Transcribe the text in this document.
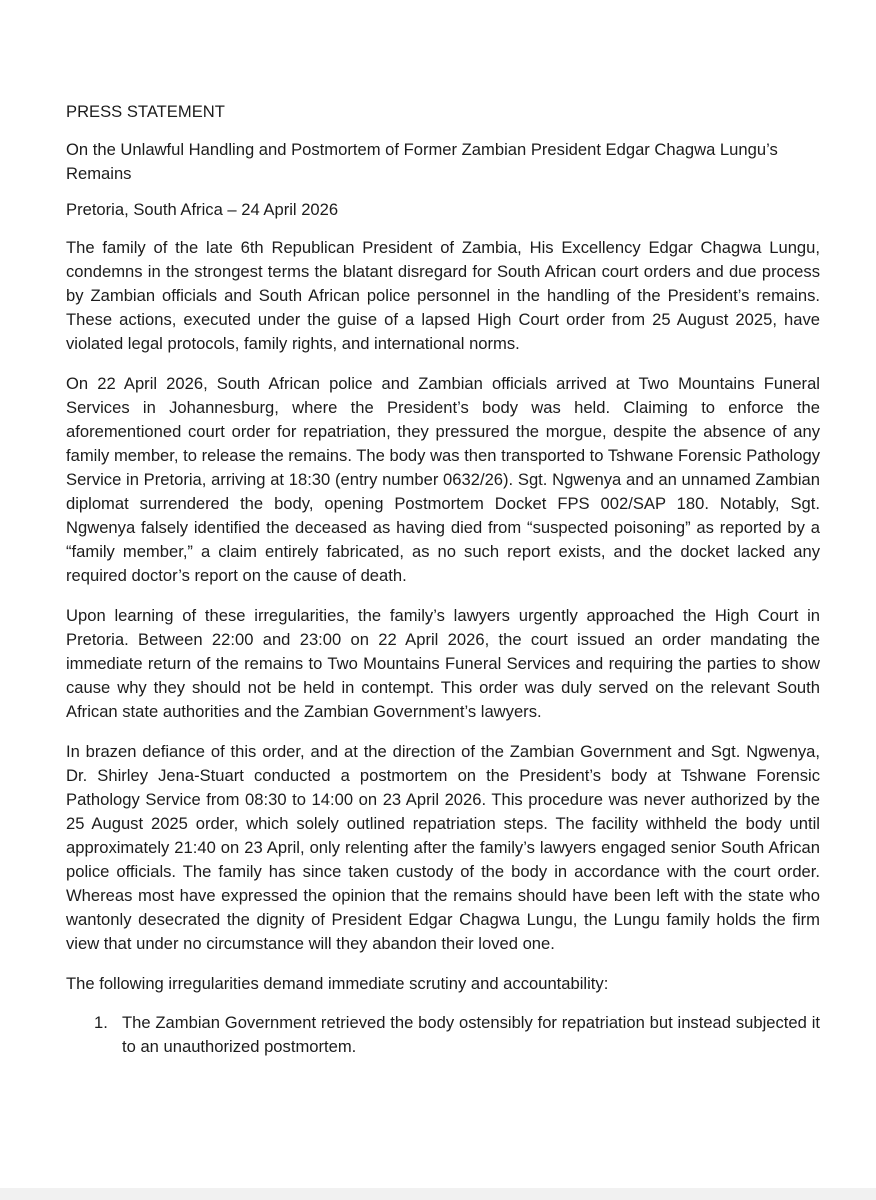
PRESS STATEMENT

On the Unlawful Handling and Postmortem of Former Zambian President Edgar Chagwa Lungu’s Remains

Pretoria, South Africa – 24 April 2026

The family of the late 6th Republican President of Zambia, His Excellency Edgar Chagwa Lungu, condemns in the strongest terms the blatant disregard for South African court orders and due process by Zambian officials and South African police personnel in the handling of the President’s remains. These actions, executed under the guise of a lapsed High Court order from 25 August 2025, have violated legal protocols, family rights, and international norms.

On 22 April 2026, South African police and Zambian officials arrived at Two Mountains Funeral Services in Johannesburg, where the President’s body was held. Claiming to enforce the aforementioned court order for repatriation, they pressured the morgue, despite the absence of any family member, to release the remains. The body was then transported to Tshwane Forensic Pathology Service in Pretoria, arriving at 18:30 (entry number 0632/26). Sgt. Ngwenya and an unnamed Zambian diplomat surrendered the body, opening Postmortem Docket FPS 002/SAP 180. Notably, Sgt. Ngwenya falsely identified the deceased as having died from “suspected poisoning” as reported by a “family member,” a claim entirely fabricated, as no such report exists, and the docket lacked any required doctor’s report on the cause of death.

Upon learning of these irregularities, the family’s lawyers urgently approached the High Court in Pretoria. Between 22:00 and 23:00 on 22 April 2026, the court issued an order mandating the immediate return of the remains to Two Mountains Funeral Services and requiring the parties to show cause why they should not be held in contempt. This order was duly served on the relevant South African state authorities and the Zambian Government’s lawyers.

In brazen defiance of this order, and at the direction of the Zambian Government and Sgt. Ngwenya, Dr. Shirley Jena-Stuart conducted a postmortem on the President’s body at Tshwane Forensic Pathology Service from 08:30 to 14:00 on 23 April 2026. This procedure was never authorized by the 25 August 2025 order, which solely outlined repatriation steps. The facility withheld the body until approximately 21:40 on 23 April, only relenting after the family’s lawyers engaged senior South African police officials. The family has since taken custody of the body in accordance with the court order. Whereas most have expressed the opinion that the remains should have been left with the state who wantonly desecrated the dignity of President Edgar Chagwa Lungu, the Lungu family holds the firm view that under no circumstance will they abandon their loved one.

The following irregularities demand immediate scrutiny and accountability:

1. The Zambian Government retrieved the body ostensibly for repatriation but instead subjected it to an unauthorized postmortem.
